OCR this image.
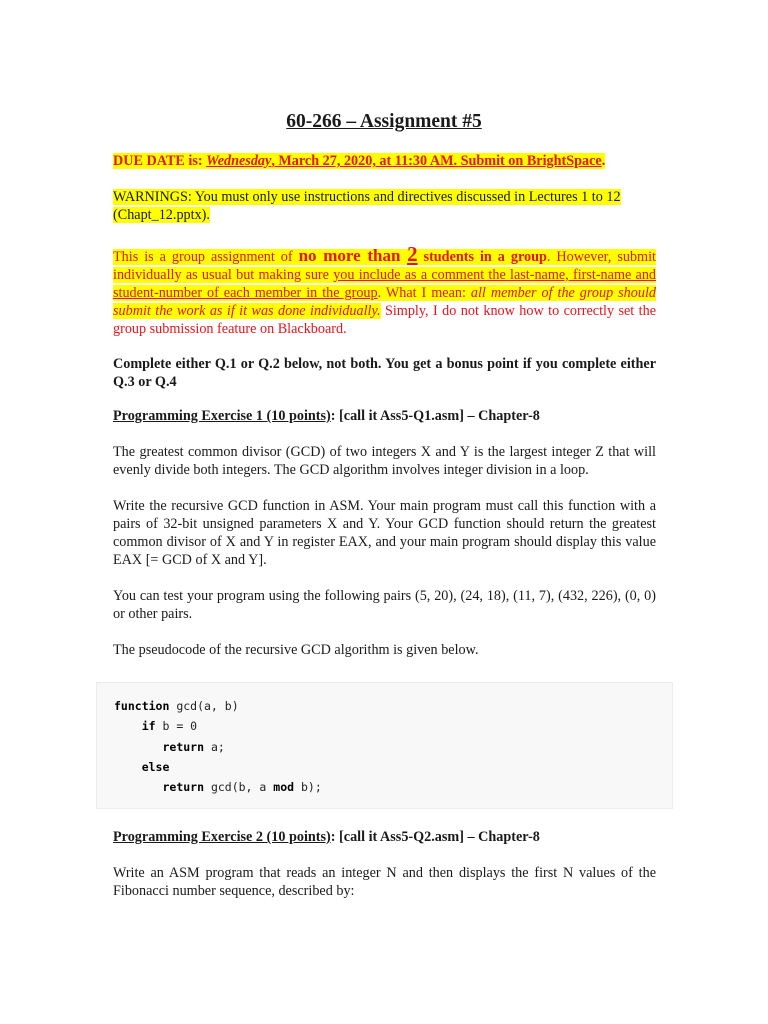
60-266 – Assignment #5

DUE DATE is: Wednesday, March 27, 2020, at 11:30 AM. Submit on BrightSpace.

WARNINGS: You must only use instructions and directives discussed in Lectures 1 to 12
(Chapt_12.pptx).

This is a group assignment of no more than 2 students in a group. However, submit individually as usual but making sure you include as a comment the last-name, first-name and student-number of each member in the group. What I mean: all member of the group should submit the work as if it was done individually. Simply, I do not know how to correctly set the group submission feature on Blackboard.

Complete either Q.1 or Q.2 below, not both. You get a bonus point if you complete either Q.3 or Q.4

Programming Exercise 1 (10 points): [call it Ass5-Q1.asm] – Chapter-8

The greatest common divisor (GCD) of two integers X and Y is the largest integer Z that will evenly divide both integers. The GCD algorithm involves integer division in a loop.

Write the recursive GCD function in ASM. Your main program must call this function with a pairs of 32-bit unsigned parameters X and Y. Your GCD function should return the greatest common divisor of X and Y in register EAX, and your main program should display this value EAX [= GCD of X and Y].

You can test your program using the following pairs (5, 20), (24, 18), (11, 7), (432, 226), (0, 0) or other pairs.

The pseudocode of the recursive GCD algorithm is given below.

Programming Exercise 2 (10 points): [call it Ass5-Q2.asm] – Chapter-8

Write an ASM program that reads an integer N and then displays the first N values of the Fibonacci number sequence, described by:

function gcd(a, b)
if b = 0
return a;
else
return gcd(b, a mod b);
